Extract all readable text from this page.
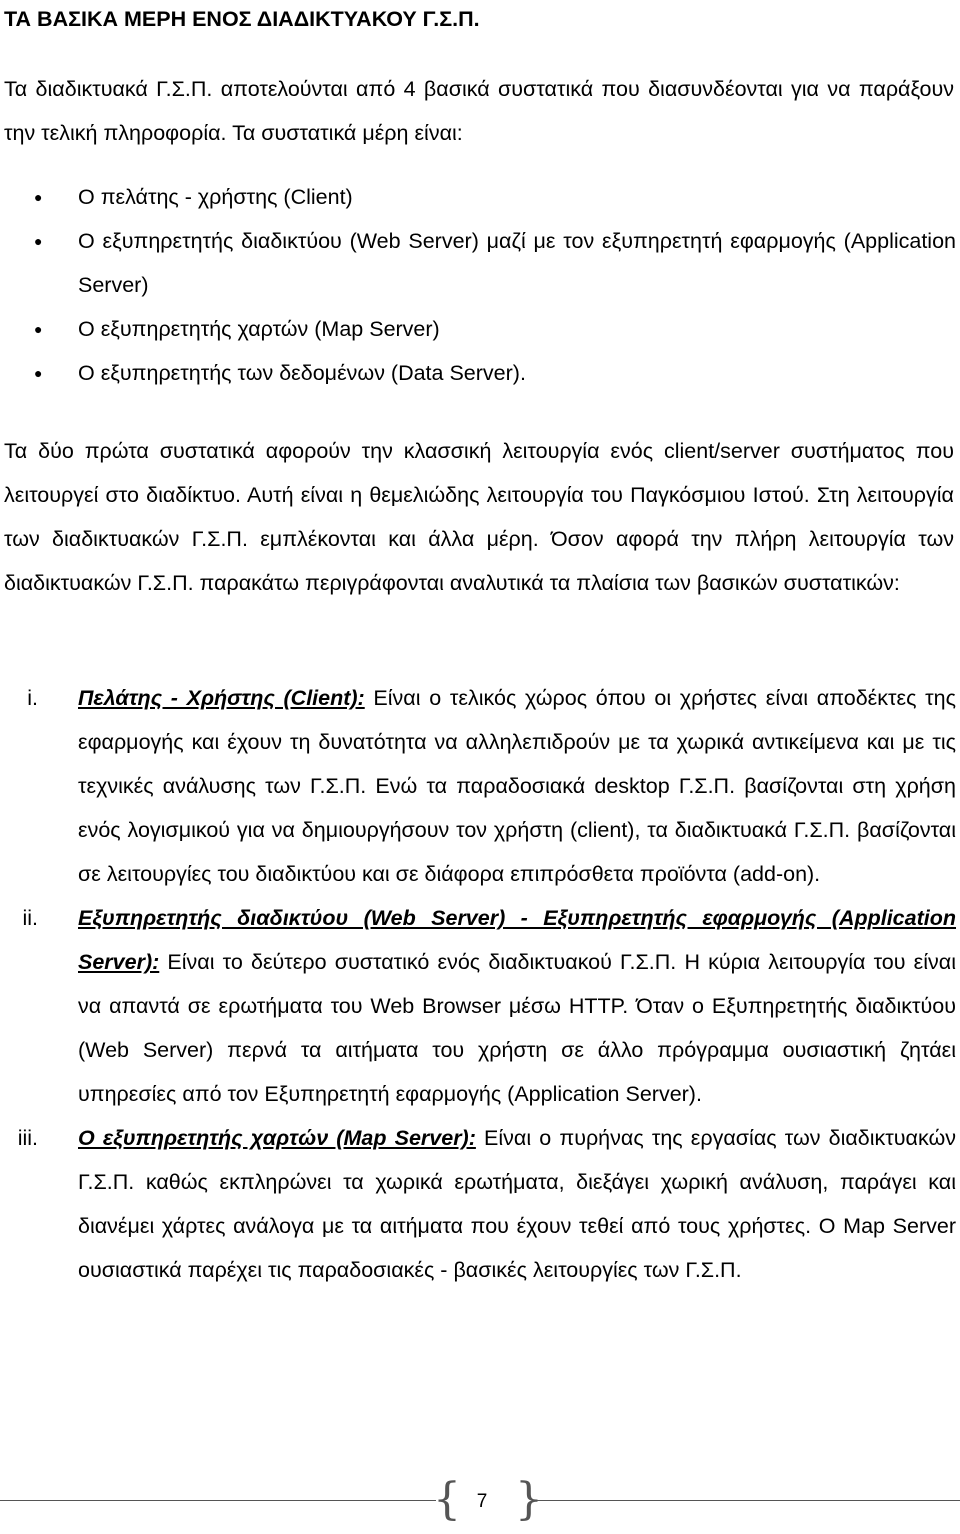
ΤΑ ΒΑΣΙΚΑ ΜΕΡΗ ΕΝΟΣ ΔΙΑΔΙΚΤΥΑΚΟΥ Γ.Σ.Π.
Τα διαδικτυακά Γ.Σ.Π. αποτελούνται από 4 βασικά συστατικά που διασυνδέονται για να παράξουν την τελική πληροφορία. Τα συστατικά μέρη είναι:
● Ο πελάτης - χρήστης (Client)
● Ο εξυπηρετητής διαδικτύου (Web Server) μαζί με τον εξυπηρετητή εφαρμογής (Application Server)
● Ο εξυπηρετητής χαρτών (Map Server)
● Ο εξυπηρετητής των δεδομένων (Data Server).
Τα δύο πρώτα συστατικά αφορούν την κλασσική λειτουργία ενός client/server συστήματος που λειτουργεί στο διαδίκτυο. Αυτή είναι η θεμελιώδης λειτουργία του Παγκόσμιου Ιστού. Στη λειτουργία των διαδικτυακών Γ.Σ.Π. εμπλέκονται και άλλα μέρη. Όσον αφορά την πλήρη λειτουργία των διαδικτυακών Γ.Σ.Π. παρακάτω περιγράφονται αναλυτικά τα πλαίσια των βασικών συστατικών:
i. Πελάτης - Χρήστης (Client): Είναι ο τελικός χώρος όπου οι χρήστες είναι αποδέκτες της εφαρμογής και έχουν τη δυνατότητα να αλληλεπιδρούν με τα χωρικά αντικείμενα και με τις τεχνικές ανάλυσης των Γ.Σ.Π. Ενώ τα παραδοσιακά desktop Γ.Σ.Π. βασίζονται στη χρήση ενός λογισμικού για να δημιουργήσουν τον χρήστη (client), τα διαδικτυακά Γ.Σ.Π. βασίζονται σε λειτουργίες του διαδικτύου και σε διάφορα επιπρόσθετα προϊόντα (add-on).
ii. Εξυπηρετητής διαδικτύου (Web Server) - Εξυπηρετητής εφαρμογής (Application Server): Είναι το δεύτερο συστατικό ενός διαδικτυακού Γ.Σ.Π. Η κύρια λειτουργία του είναι να απαντά σε ερωτήματα του Web Browser μέσω HTTP. Όταν ο Εξυπηρετητής διαδικτύου (Web Server) περνά τα αιτήματα του χρήστη σε άλλο πρόγραμμα ουσιαστική ζητάει υπηρεσίες από τον Εξυπηρετητή εφαρμογής (Application Server).
iii. Ο εξυπηρετητής χαρτών (Map Server): Είναι ο πυρήνας της εργασίας των διαδικτυακών Γ.Σ.Π. καθώς εκπληρώνει τα χωρικά ερωτήματα, διεξάγει χωρική ανάλυση, παράγει και διανέμει χάρτες ανάλογα με τα αιτήματα που έχουν τεθεί από τους χρήστες. Ο Map Server ουσιαστικά παρέχει τις παραδοσιακές - βασικές λειτουργίες των Γ.Σ.Π.
{ 7 }
